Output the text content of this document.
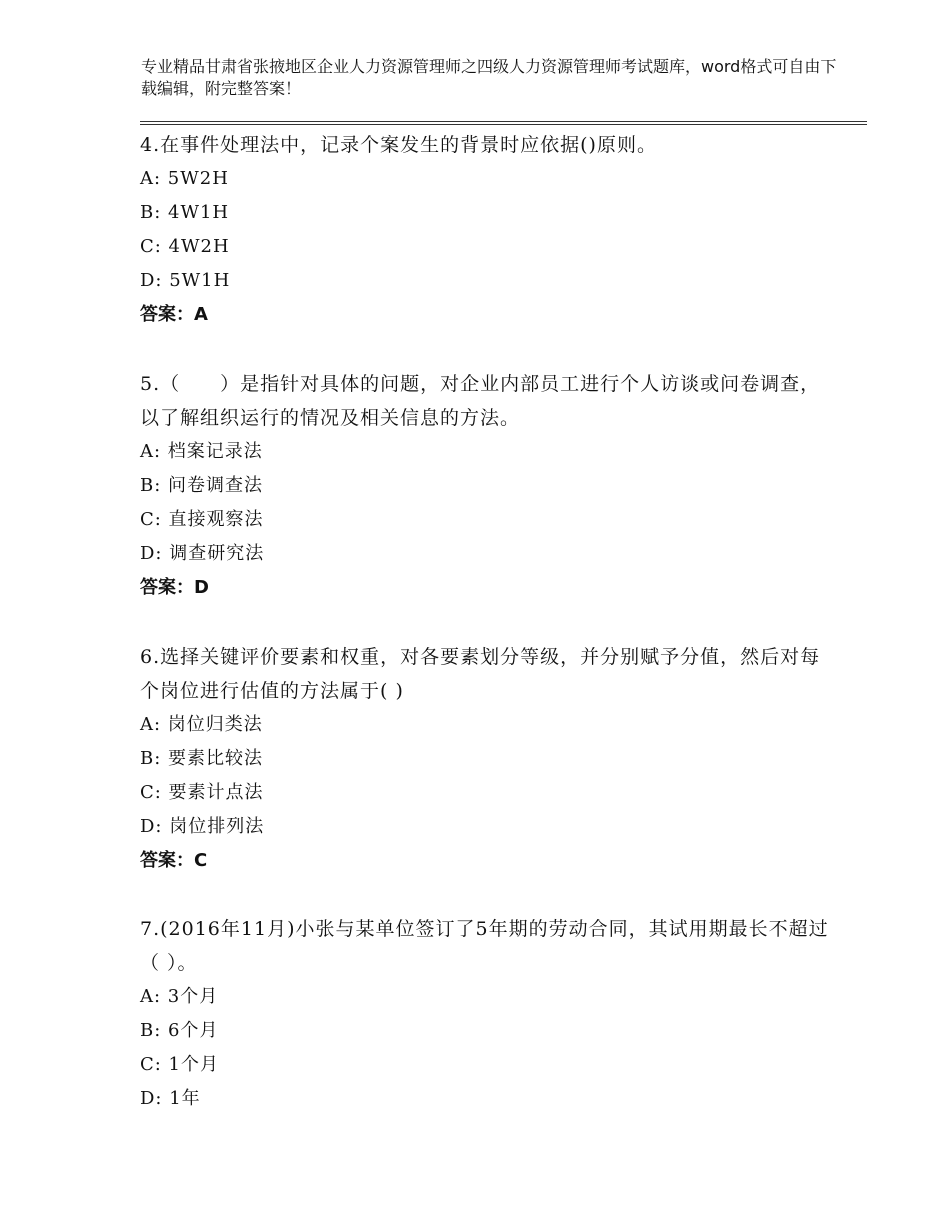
专业精品甘肃省张掖地区企业人力资源管理师之四级人力资源管理师考试题库，word格式可自由下载编辑，附完整答案！
4.在事件处理法中，记录个案发生的背景时应依据()原则。
A: 5W2H
B: 4W1H
C: 4W2H
D: 5W1H
答案：A
5.（　　）是指针对具体的问题，对企业内部员工进行个人访谈或问卷调查，以了解组织运行的情况及相关信息的方法。
A: 档案记录法
B: 问卷调查法
C: 直接观察法
D: 调查研究法
答案：D
6.选择关键评价要素和权重，对各要素划分等级，并分别赋予分值，然后对每个岗位进行估值的方法属于( )
A: 岗位归类法
B: 要素比较法
C: 要素计点法
D: 岗位排列法
答案：C
7.(2016年11月)小张与某单位签订了5年期的劳动合同，其试用期最长不超过（ ）。
A: 3个月
B: 6个月
C: 1个月
D: 1年
